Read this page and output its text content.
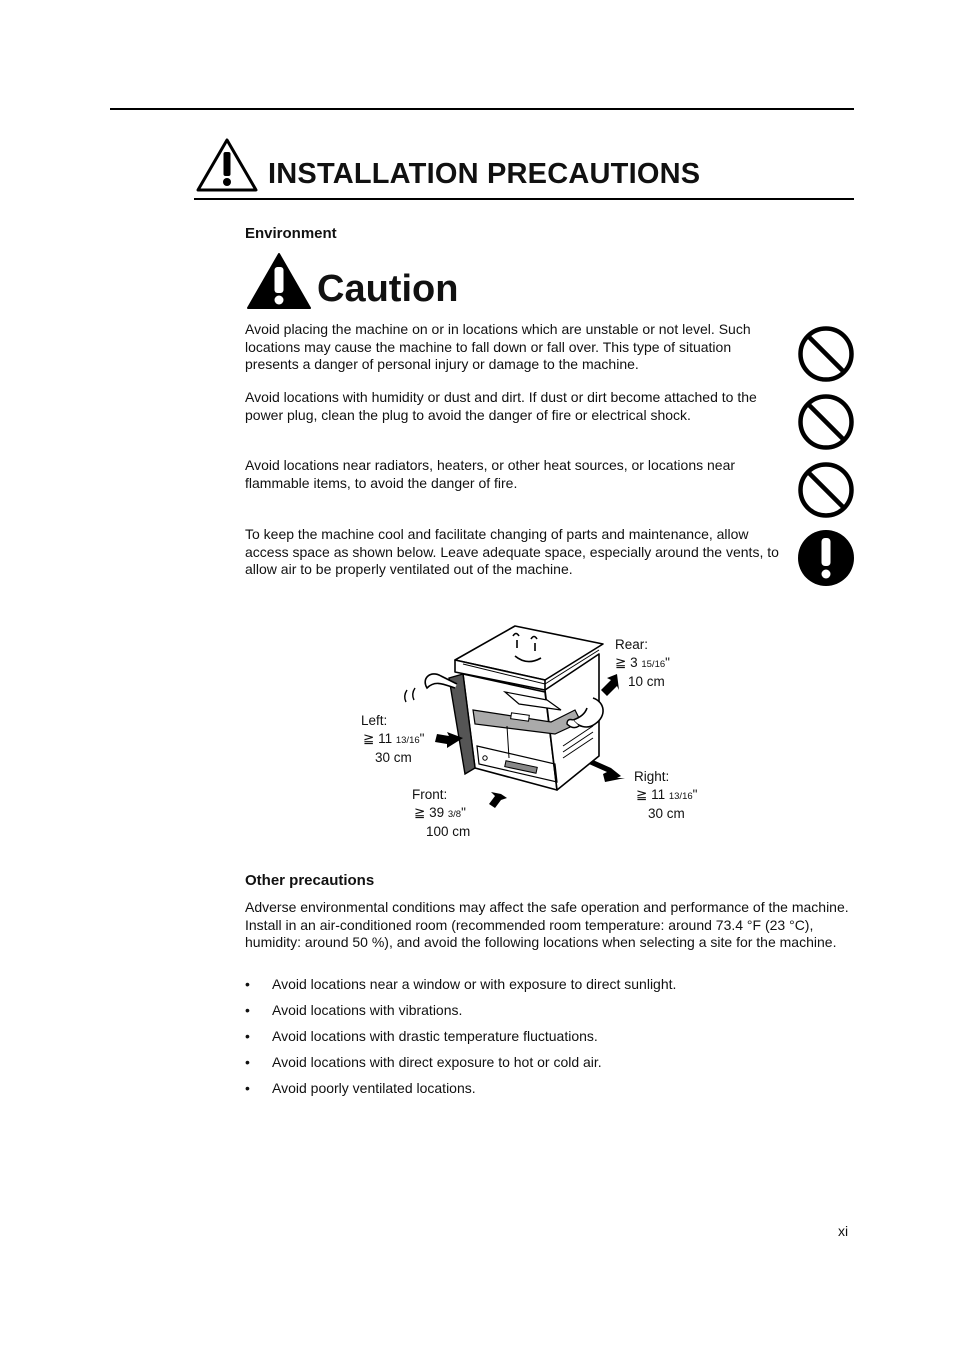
INSTALLATION PRECAUTIONS
Environment
Caution
Avoid placing the machine on or in locations which are unstable or not level. Such locations may cause the machine to fall down or fall over. This type of situation presents a danger of personal injury or damage to the machine.
Avoid locations with humidity or dust and dirt. If dust or dirt become attached to the power plug, clean the plug to avoid the danger of fire or electrical shock.
Avoid locations near radiators, heaters, or other heat sources, or locations near flammable items, to avoid the danger of fire.
To keep the machine cool and facilitate changing of parts and maintenance, allow access space as shown below. Leave adequate space, especially around the vents, to allow air to be properly ventilated out of the machine.
Rear:
≧ 3 15/16"
10 cm
Left:
≧ 11 13/16"
30 cm
Right:
≧ 11 13/16"
30 cm
Front:
≧ 39 3/8"
100 cm
Other precautions
Adverse environmental conditions may affect the safe operation and performance of the machine. Install in an air-conditioned room (recommended room temperature: around 73.4 °F (23 °C), humidity: around 50 %), and avoid the following locations when selecting a site for the machine.
• Avoid locations near a window or with exposure to direct sunlight.
• Avoid locations with vibrations.
• Avoid locations with drastic temperature fluctuations.
• Avoid locations with direct exposure to hot or cold air.
• Avoid poorly ventilated locations.
xi
